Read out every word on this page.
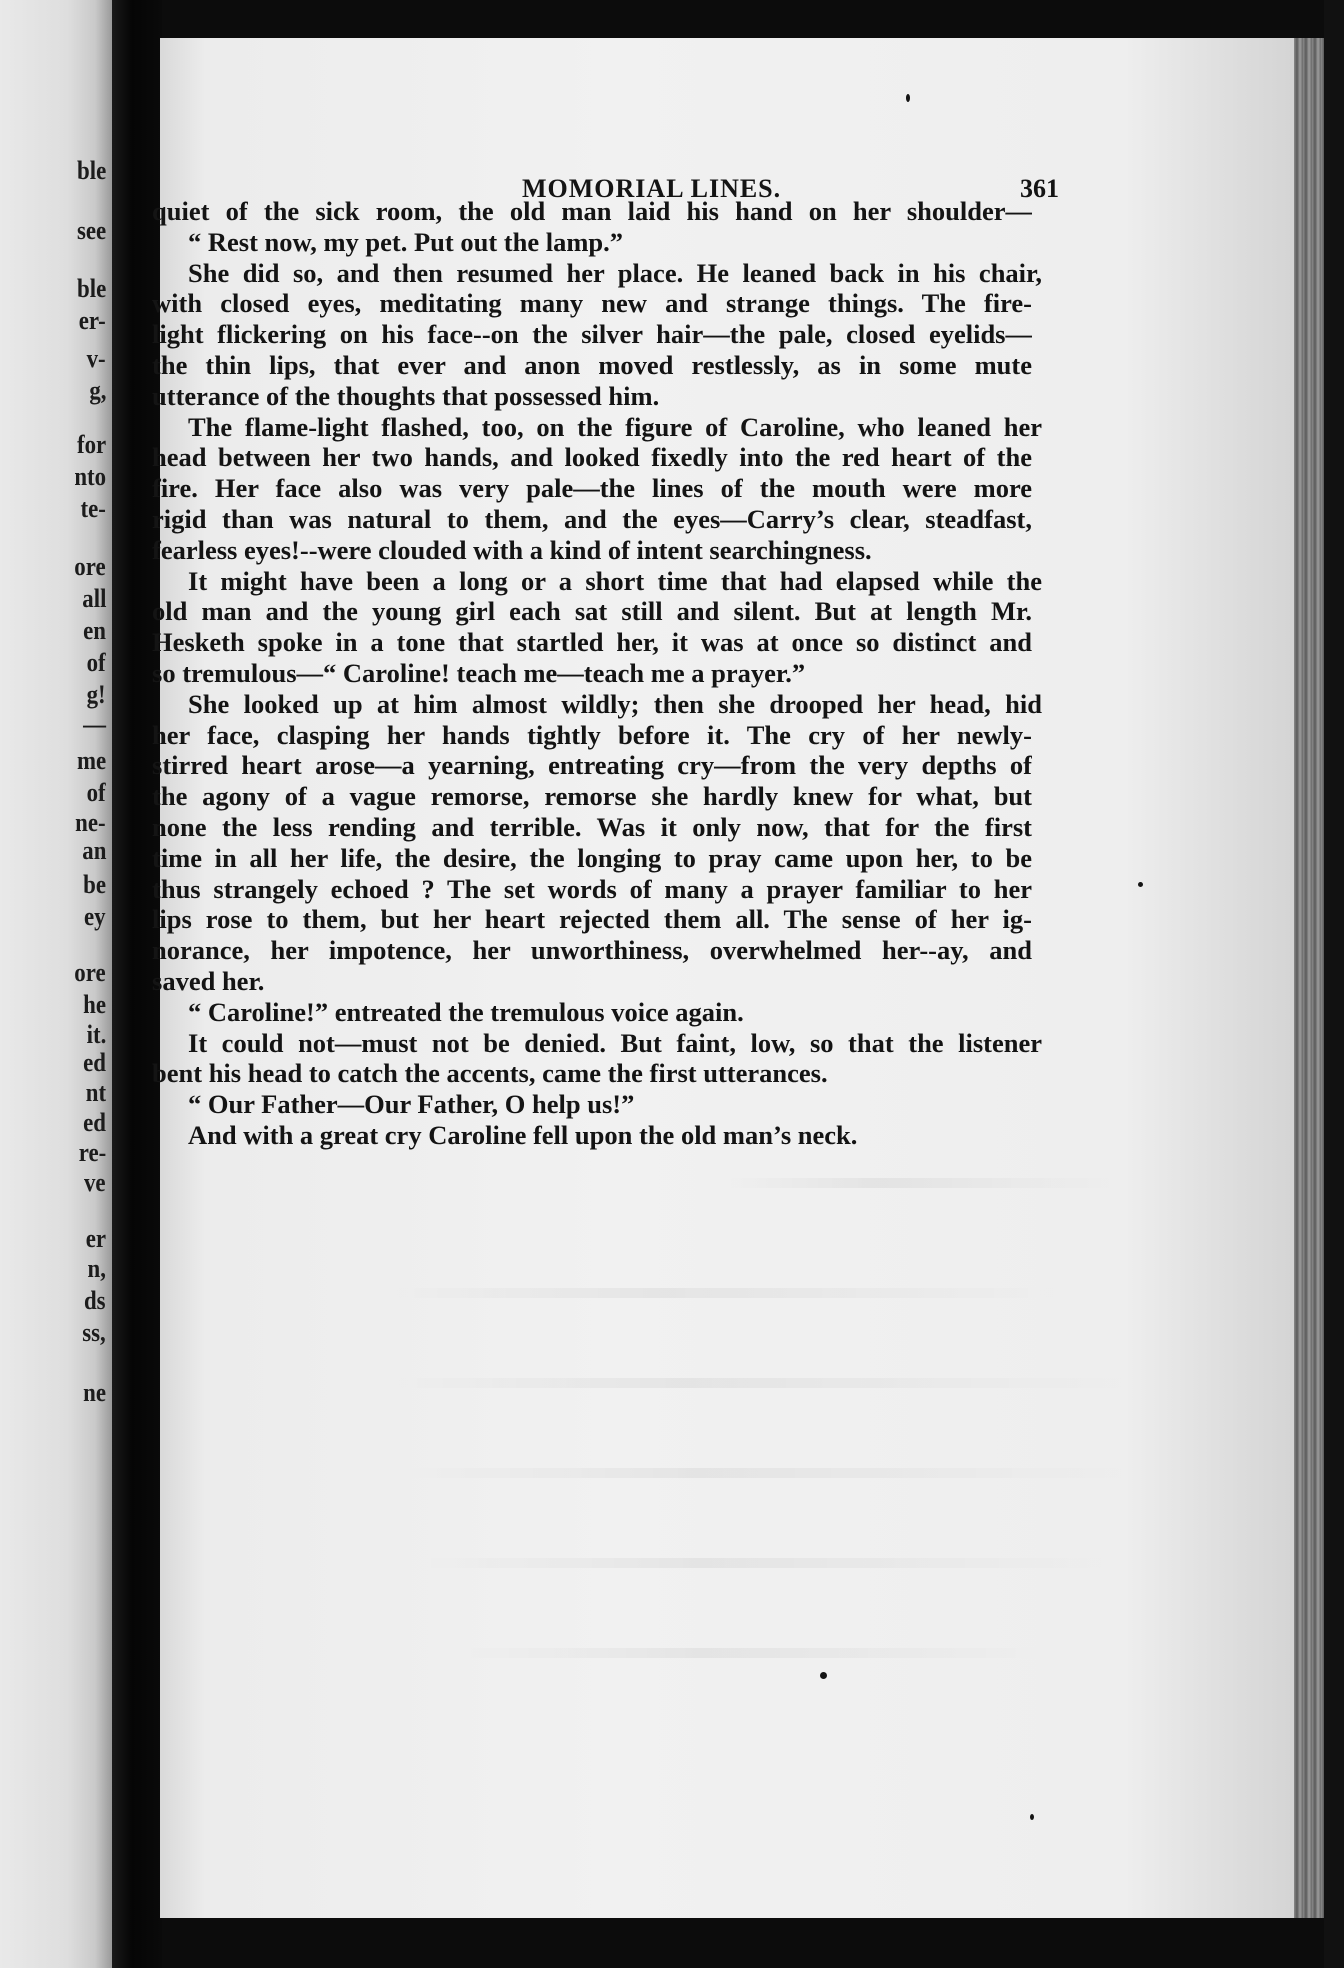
ble
see
ble
er-
v-
g,
for
nto
te-
ore
all
en
of
g!
—
me
of
ne-
an
be
ey
ore
he
it.
ed
nt
ed
re-
ve
er
n,
ds
ss,
ne
MOMORIAL LINES.	361
quiet of the sick room, the old man laid his hand on her shoulder—
“ Rest now, my pet. Put out the lamp.”
She did so, and then resumed her place. He leaned back in his chair,
with closed eyes, meditating many new and strange things. The fire-
light flickering on his face--on the silver hair—the pale, closed eyelids—
the thin lips, that ever and anon moved restlessly, as in some mute
utterance of the thoughts that possessed him.
The flame-light flashed, too, on the figure of Caroline, who leaned her
head between her two hands, and looked fixedly into the red heart of the
fire. Her face also was very pale—the lines of the mouth were more
rigid than was natural to them, and the eyes—Carry’s clear, steadfast,
fearless eyes!--were clouded with a kind of intent searchingness.
It might have been a long or a short time that had elapsed while the
old man and the young girl each sat still and silent. But at length Mr.
Hesketh spoke in a tone that startled her, it was at once so distinct and
so tremulous—“ Caroline! teach me—teach me a prayer.”
She looked up at him almost wildly; then she drooped her head, hid
her face, clasping her hands tightly before it. The cry of her newly-
stirred heart arose—a yearning, entreating cry—from the very depths of
the agony of a vague remorse, remorse she hardly knew for what, but
none the less rending and terrible. Was it only now, that for the first
time in all her life, the desire, the longing to pray came upon her, to be
thus strangely echoed ? The set words of many a prayer familiar to her
lips rose to them, but her heart rejected them all. The sense of her ig-
norance, her impotence, her unworthiness, overwhelmed her--ay, and
saved her.
“ Caroline!” entreated the tremulous voice again.
It could not—must not be denied. But faint, low, so that the listener
bent his head to catch the accents, came the first utterances.
“ Our Father—Our Father, O help us!”
And with a great cry Caroline fell upon the old man’s neck.
